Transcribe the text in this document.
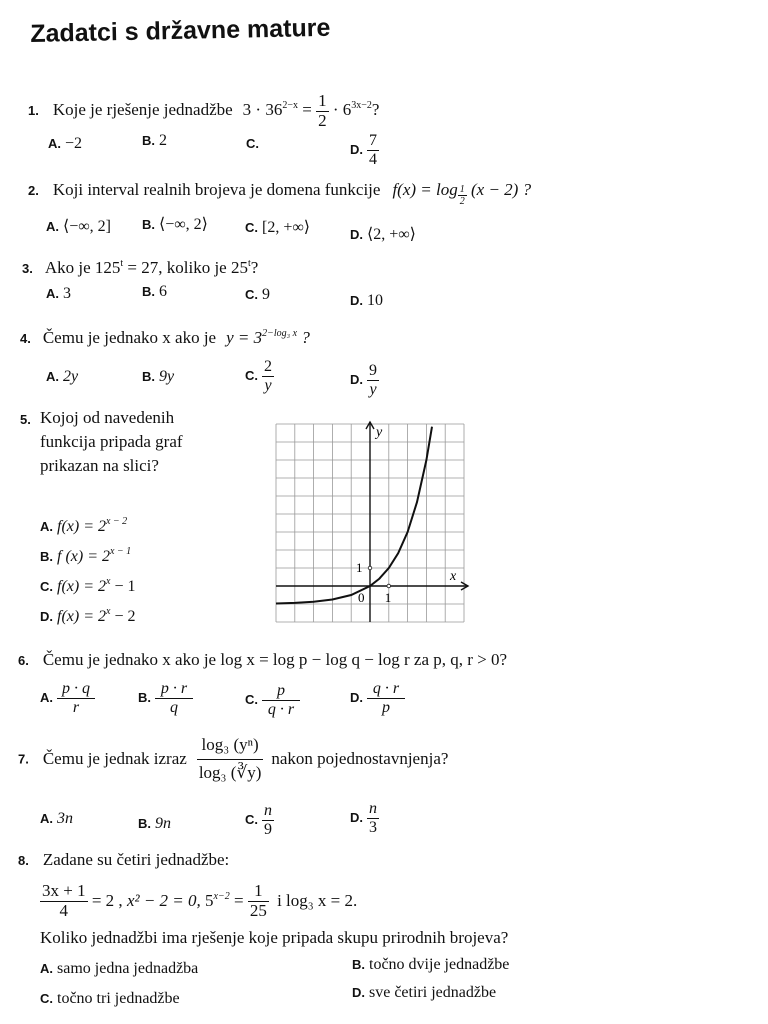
Zadatci s državne mature
1. Koje je rješenje jednadžbe $3 \cdot 36^{2-x} = \frac{1}{2} \cdot 6^{3x-2}$?
A. −2	B. 2	C.	D. $\frac{7}{4}$
2. Koji interval realnih brojeva je domena funkcije $f(x) = \log \frac{1}{2} (x - 2)$ ?
A. ⟨−∞, 2] B. ⟨−∞, 2⟩	C. [2, +∞⟩	D. ⟨2, +∞⟩
3. Ako je $125^t = 27$, koliko je 25$^t$?
A. 3	B. 6	C. 9	D. 10
4. Čemu je jednako x ako je $y = 3^{2-log_3 x}$ ?
A. 2y	B. 9y	C. $\frac{2}{y}$	D. $\frac{9}{y}$
5. Kojoj od navedenih
funkcija pripada graf
prikazan na slici?
A. $f(x) = 2^{x - 2}$
B. f $(x) = 2^{x - 1}$
C. $f(x) = 2^x - 1$
D. $f(x) = 2^x - 2$
y
x
0 1
1
6. Čemu je jednako x ako je log x = log p − log q − log r za p, q, r > 0?
A. $\frac{p \cdot q}{r}$	B. $\frac{p \cdot r}{q}$	C. $\frac{p}{q \cdot r}$	D. $\frac{q \cdot r}{p}$
7. Čemu je jednak izraz $\frac{\text{log₃ (yⁿ)}}{\text{log₃ (∛y)}}$ nakon pojednostavnjenja?
A. 3n	B. 9n	C. $\frac{n}{9}$	D. $\frac{n}{3}$
8. Zadane su četiri jednadžbe:
$\frac{3x + 1}{4} = 2$ , x² − 2 = 0, $5^{x-2} = \frac{1}{25}$ i log₃ x = 2.
Koliko jednadžbi ima rješenje koje pripada skupu prirodnih brojeva?
A. samo jedna jednadžba	B. točno dvije jednadžbe
C. točno tri jednadžbe	D. sve četiri jednadžbe
